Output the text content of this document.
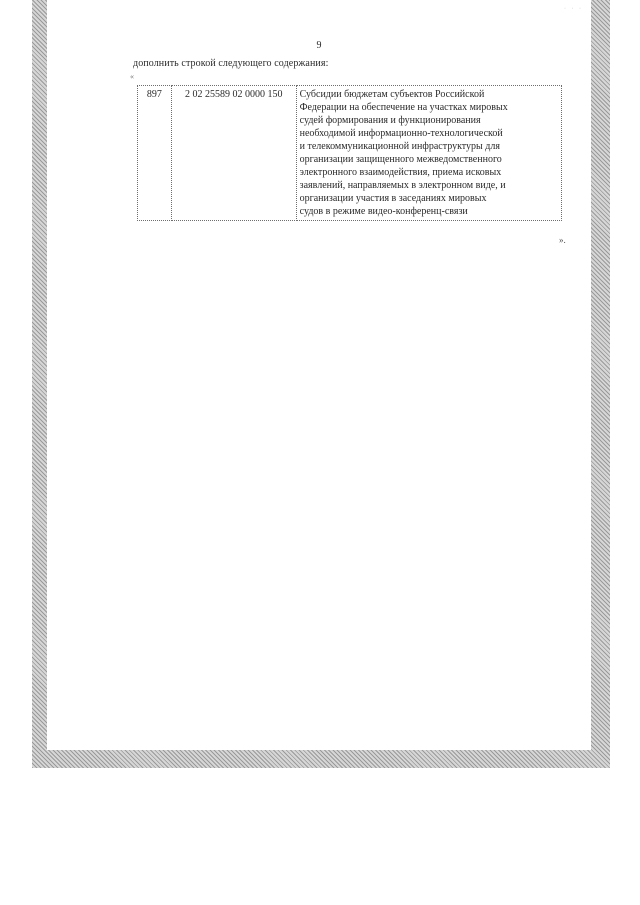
· · ·
9
дополнить строкой следующего содержания:
«
897	2 02 25589 02 0000 150	Субсидии бюджетам субъектов Российской
Федерации на обеспечение на участках мировых
судей формирования и функционирования
необходимой информационно-технологической
и телекоммуникационной инфраструктуры для
организации защищенного межведомственного
электронного взаимодействия, приема исковых
заявлений, направляемых в электронном виде, и
организации участия в заседаниях мировых
судов в режиме видео-конференц-связи
».
